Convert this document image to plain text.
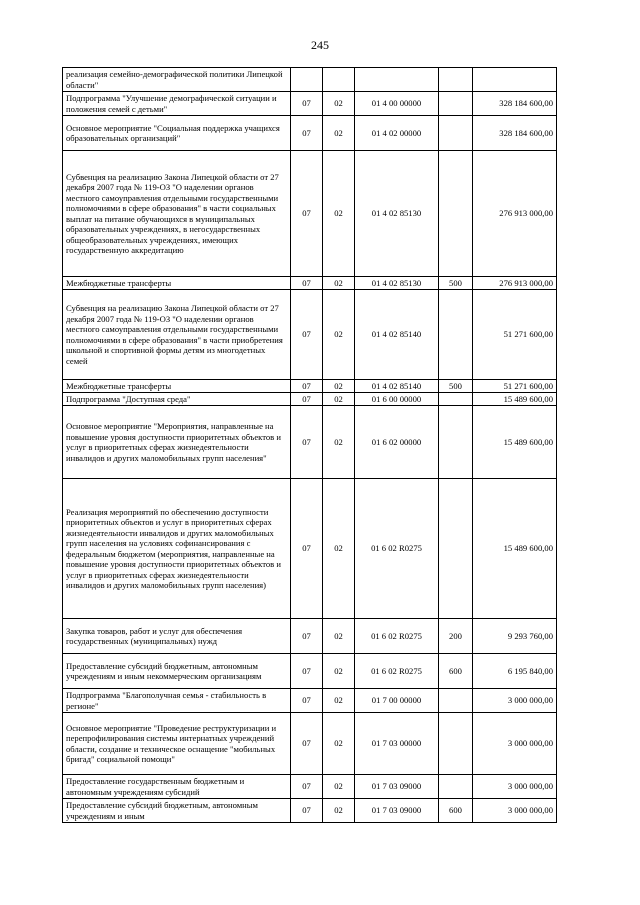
245
реализация семейно-демографической политики Липецкой области"					
Подпрограмма "Улучшение демографической ситуации и положения семей с детьми"	07	02	01 4 00 00000		328 184 600,00
Основное мероприятие "Социальная поддержка учащихся образовательных организаций"	07	02	01 4 02 00000		328 184 600,00
Субвенция на реализацию Закона Липецкой области от 27 декабря 2007 года № 119-ОЗ "О наделении органов местного самоуправления отдельными государственными полномочиями в сфере образования" в части социальных выплат на питание обучающихся в муниципальных образовательных учреждениях, в негосударственных общеобразовательных учреждениях, имеющих государственную аккредитацию	07	02	01 4 02 85130		276 913 000,00
Межбюджетные трансферты	07	02	01 4 02 85130	500	276 913 000,00
Субвенция на реализацию Закона Липецкой области от 27 декабря 2007 года № 119-ОЗ "О наделении органов местного самоуправления отдельными государственными полномочиями в сфере образования" в части приобретения школьной и спортивной формы детям из многодетных семей	07	02	01 4 02 85140		51 271 600,00
Межбюджетные трансферты	07	02	01 4 02 85140	500	51 271 600,00
Подпрограмма "Доступная среда"	07	02	01 6 00 00000		15 489 600,00
Основное мероприятие "Мероприятия, направленные на повышение уровня доступности приоритетных объектов и услуг в приоритетных сферах жизнедеятельности инвалидов и других маломобильных групп населения"	07	02	01 6 02 00000		15 489 600,00
Реализация мероприятий по обеспечению доступности приоритетных объектов и услуг в приоритетных сферах жизнедеятельности инвалидов и других маломобильных групп населения на условиях софинансирования с федеральным бюджетом (мероприятия, направленные на повышение уровня доступности приоритетных объектов и услуг в приоритетных сферах жизнедеятельности инвалидов и других маломобильных групп населения)	07	02	01 6 02 R0275		15 489 600,00
Закупка товаров, работ и услуг для обеспечения государственных (муниципальных) нужд	07	02	01 6 02 R0275	200	9 293 760,00
Предоставление субсидий бюджетным, автономным учреждениям и иным некоммерческим организациям	07	02	01 6 02 R0275	600	6 195 840,00
Подпрограмма "Благополучная семья - стабильность в регионе"	07	02	01 7 00 00000		3 000 000,00
Основное мероприятие "Проведение реструктуризации и перепрофилирования системы интернатных учреждений области, создание и техническое оснащение "мобильных бригад" социальной помощи"	07	02	01 7 03 00000		3 000 000,00
Предоставление государственным бюджетным и автономным учреждениям субсидий	07	02	01 7 03 09000		3 000 000,00
Предоставление субсидий бюджетным, автономным учреждениям и иным	07	02	01 7 03 09000	600	3 000 000,00
